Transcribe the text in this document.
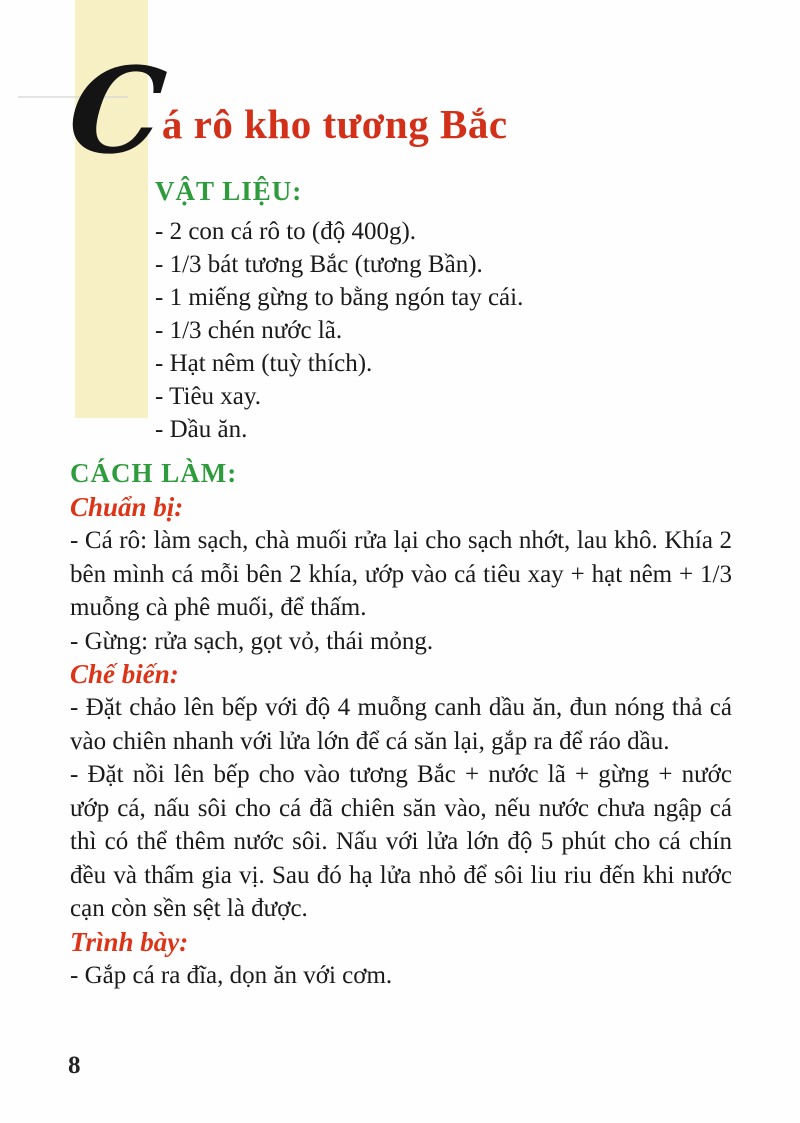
C
á rô kho tương Bắc
VẬT LIỆU:
- 2 con cá rô to (độ 400g).
- 1/3 bát tương Bắc (tương Bần).
- 1 miếng gừng to bằng ngón tay cái.
- 1/3 chén nước lã.
- Hạt nêm (tuỳ thích).
- Tiêu xay.
- Dầu ăn.
CÁCH LÀM:

Chuẩn bị:

- Cá rô: làm sạch, chà muối rửa lại cho sạch nhớt, lau khô. Khía 2 bên mình cá mỗi bên 2 khía, ướp vào cá tiêu xay + hạt nêm + 1/3 muỗng cà phê muối, để thấm.

- Gừng: rửa sạch, gọt vỏ, thái mỏng.

Chế biến:

- Đặt chảo lên bếp với độ 4 muỗng canh dầu ăn, đun nóng thả cá vào chiên nhanh với lửa lớn để cá săn lại, gắp ra để ráo dầu.

- Đặt nồi lên bếp cho vào tương Bắc + nước lã + gừng + nước ướp cá, nấu sôi cho cá đã chiên săn vào, nếu nước chưa ngập cá thì có thể thêm nước sôi. Nấu với lửa lớn độ 5 phút cho cá chín đều và thấm gia vị. Sau đó hạ lửa nhỏ để sôi liu riu đến khi nước cạn còn sền sệt là được.

Trình bày:

- Gắp cá ra đĩa, dọn ăn với cơm.

8
